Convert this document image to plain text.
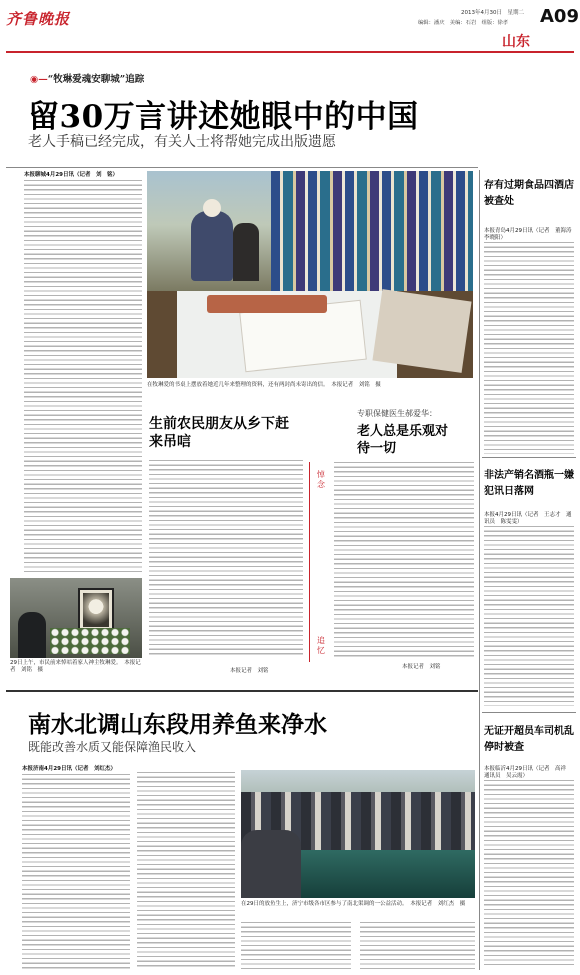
齐鲁晚报	2013年4月30日　星期二
编辑：潘庆　美编：石岩　组版：徐孝	A09
山东
◉—“牧琳爱魂安聊城”追踪
留30万言讲述她眼中的中国
老人手稿已经完成，有关人士将帮她完成出版遗愿
本报聊城4月29日讯（记者　刘　铭）
29日上午，市民前来悼唁着家人神主牧琳爱。　本报记者　刘铭　摄
在牧琳爱的书桌上摆放着她近几年来整理的资料，还有两封尚未寄出的信。　本报记者　刘铭　摄
生前农民朋友从乡下赶来吊唁
专职保健医生郝爱华：
老人总是乐观对待一切
悼念
追忆
本报记者　刘铭
本报记者　刘铭
存有过期食品四酒店被查处
本报青岛4月29日讯（记者　董海涛　李晓阳）
非法产销名酒瓶一嫌犯讯日落网
本报4月29日讯（记者　王志才　通讯员　陈雯雯）
无证开超员车司机乱停时被查
本报临沂4月29日讯（记者　高祥　通讯员　吴云霞）
南水北调山东段用养鱼来净水
既能改善水质又能保障渔民收入
本报济南4月29日讯（记者　刘红杰）
在29日的放鱼生上，济宁市级各市区参与了南北渠调的一公益活动。　本报记者　刘红杰　摄
